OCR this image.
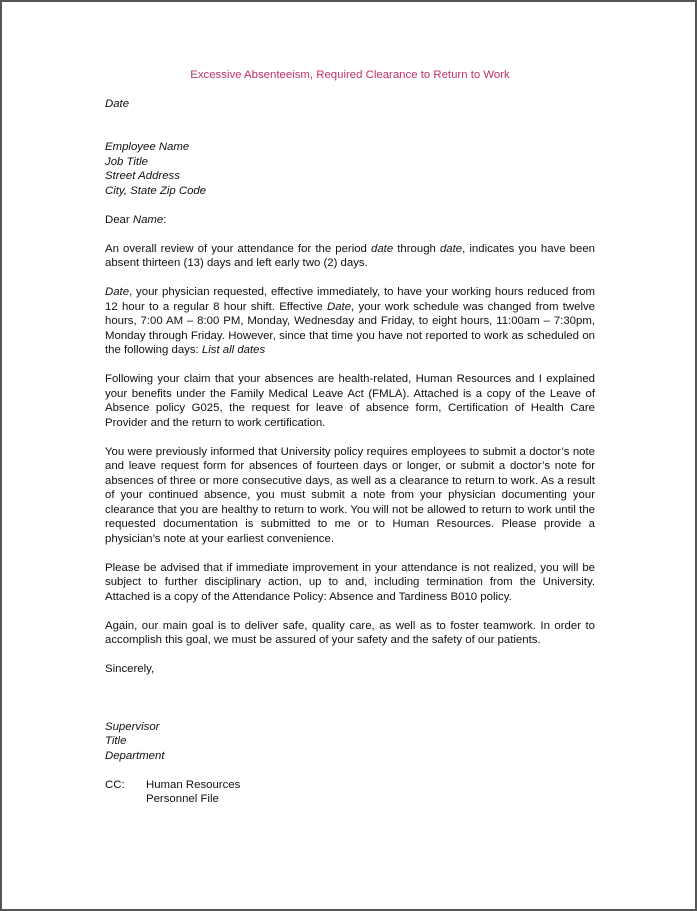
Excessive Absenteeism, Required Clearance to Return to Work
Date
Employee Name
Job Title
Street Address
City, State Zip Code
Dear Name:
An overall review of your attendance for the period date through date, indicates you have been absent thirteen (13) days and left early two (2) days.
Date, your physician requested, effective immediately, to have your working hours reduced from 12 hour to a regular 8 hour shift. Effective Date, your work schedule was changed from twelve hours, 7:00 AM – 8:00 PM, Monday, Wednesday and Friday, to eight hours, 11:00am – 7:30pm, Monday through Friday. However, since that time you have not reported to work as scheduled on the following days: List all dates
Following your claim that your absences are health-related, Human Resources and I explained your benefits under the Family Medical Leave Act (FMLA). Attached is a copy of the Leave of Absence policy G025, the request for leave of absence form, Certification of Health Care Provider and the return to work certification.
You were previously informed that University policy requires employees to submit a doctor’s note and leave request form for absences of fourteen days or longer, or submit a doctor’s note for absences of three or more consecutive days, as well as a clearance to return to work. As a result of your continued absence, you must submit a note from your physician documenting your clearance that you are healthy to return to work. You will not be allowed to return to work until the requested documentation is submitted to me or to Human Resources. Please provide a physician’s note at your earliest convenience.
Please be advised that if immediate improvement in your attendance is not realized, you will be subject to further disciplinary action, up to and, including termination from the University. Attached is a copy of the Attendance Policy: Absence and Tardiness B010 policy.
Again, our main goal is to deliver safe, quality care, as well as to foster teamwork. In order to accomplish this goal, we must be assured of your safety and the safety of our patients.
Sincerely,
Supervisor
Title
Department
CC:	Human Resources
Personnel File
